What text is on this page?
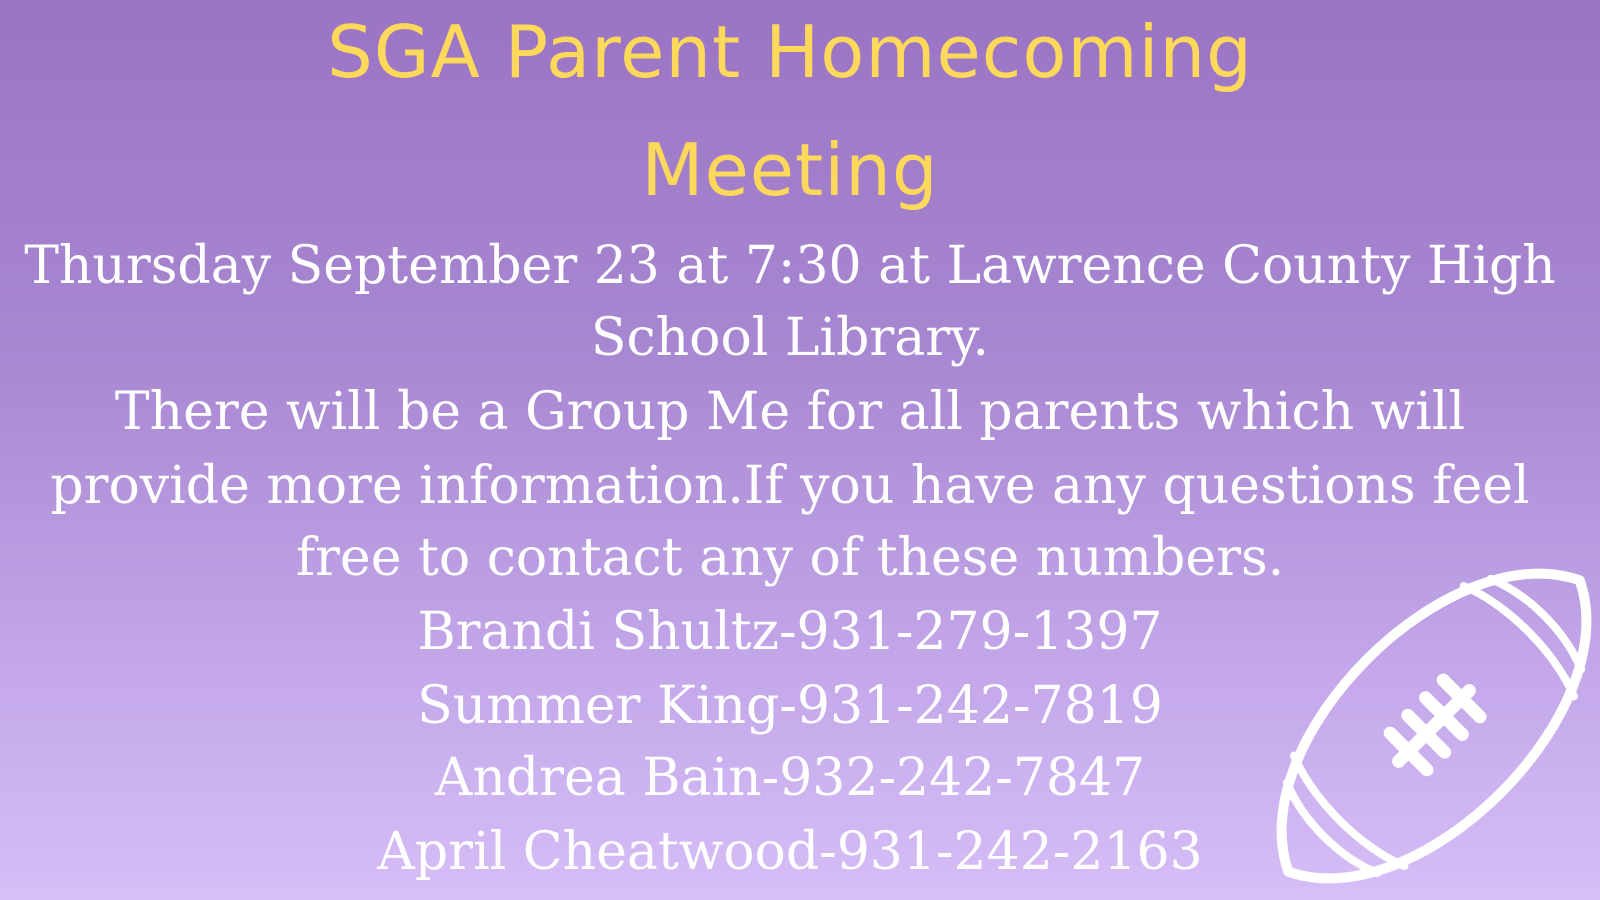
SGA Parent Homecoming
Meeting
Thursday September 23 at 7:30 at Lawrence County High
School Library.
There will be a Group Me for all parents which will
provide more information.If you have any questions feel
free to contact any of these numbers.
Brandi Shultz-931-279-1397
Summer King-931-242-7819
Andrea Bain-932-242-7847
April Cheatwood-931-242-2163
